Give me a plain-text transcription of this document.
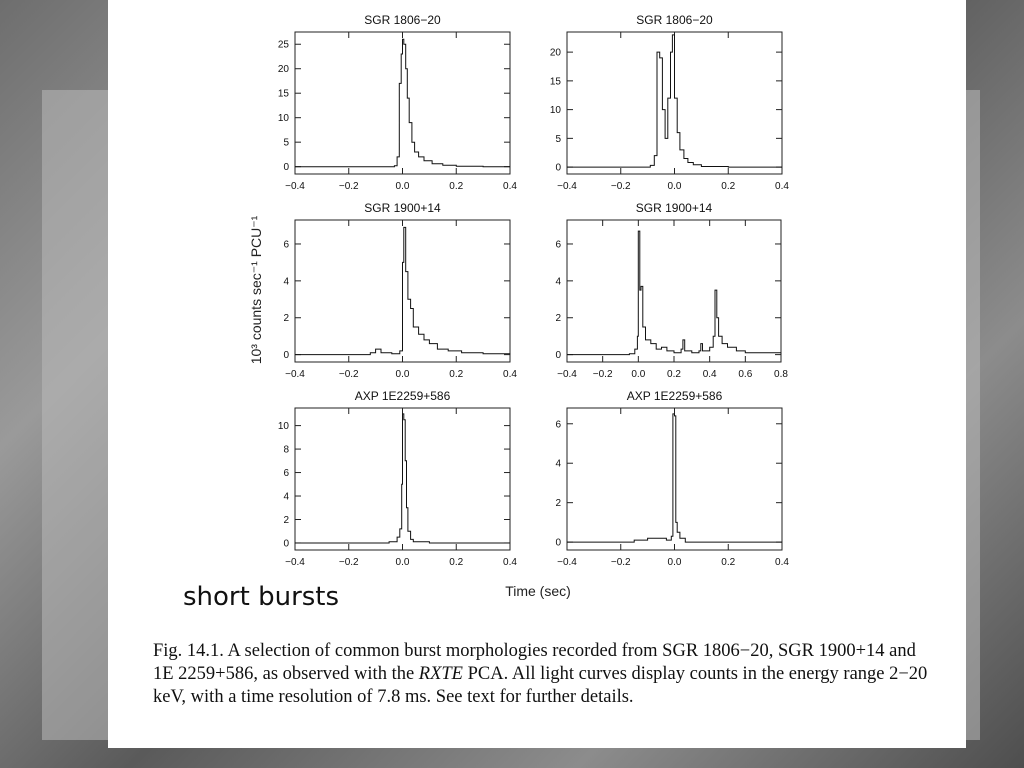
SGR 1806−20
−0.4	−0.2	0.0	0.2	0.4
0
5
10
15
20
25
SGR 1806−20
−0.4	−0.2	0.0	0.2	0.4
0
5
10
15
20
SGR 1900+14
−0.4	−0.2	0.0	0.2	0.4
0
2
4
6
SGR 1900+14
−0.4 −0.2 0.0 0.2 0.4 0.6 0.8
0
2
4
6
AXP 1E2259+586
−0.4	−0.2	0.0	0.2	0.4
0
2
4
6
8
10
AXP 1E2259+586
−0.4	−0.2	0.0	0.2	0.4
0
2
4
6
10³ counts sec⁻¹ PCU⁻¹
Time (sec)
short bursts
Fig. 14.1. A selection of common burst morphologies recorded from SGR 1806−20, SGR 1900+14 and 1E 2259+586, as observed with the RXTE PCA. All light curves display counts in the energy range 2−20 keV, with a time resolution of 7.8 ms. See text for further details.
